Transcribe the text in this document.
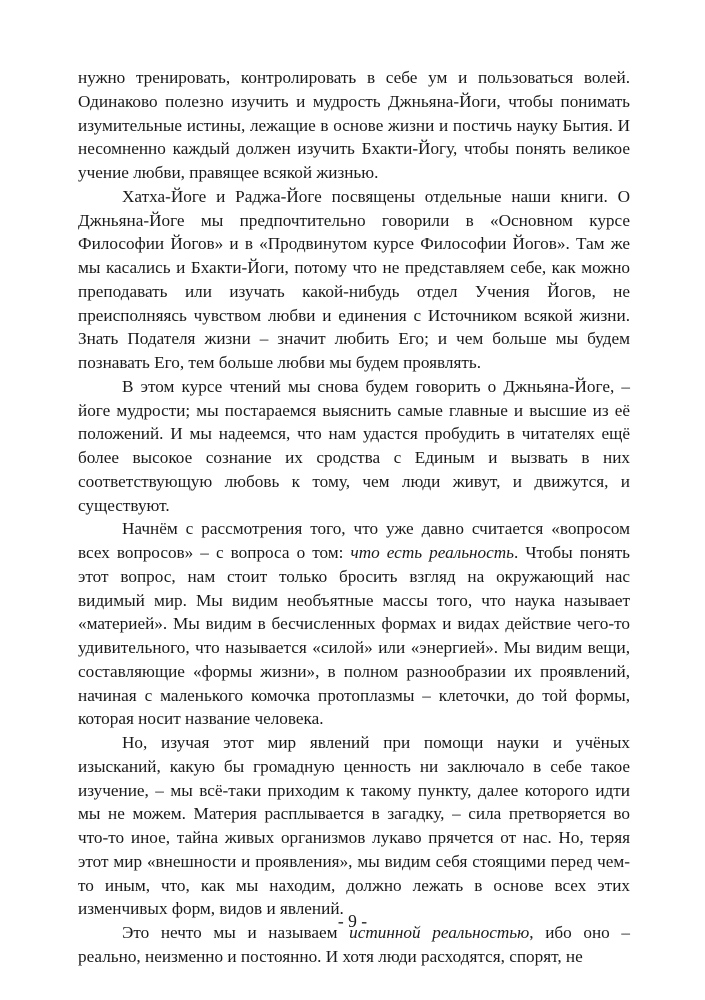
нужно тренировать, контролировать в себе ум и пользоваться волей. Одинаково полезно изучить и мудрость Джньяна-Йоги, чтобы понимать изумительные истины, лежащие в основе жизни и постичь науку Бытия. И несомненно каждый должен изучить Бхакти-Йогу, чтобы понять великое учение любви, правящее всякой жизнью.

Хатха-Йоге и Раджа-Йоге посвящены отдельные наши книги. О Джньяна-Йоге мы предпочтительно говорили в «Основном курсе Философии Йогов» и в «Продвинутом курсе Философии Йогов». Там же мы касались и Бхакти-Йоги, потому что не представляем себе, как можно преподавать или изучать какой-нибудь отдел Учения Йогов, не преисполняясь чувством любви и единения с Источником всякой жизни. Знать Подателя жизни – значит любить Его; и чем больше мы будем познавать Его, тем больше любви мы будем проявлять.

В этом курсе чтений мы снова будем говорить о Джньяна-Йоге, – йоге мудрости; мы постараемся выяснить самые главные и высшие из её положений. И мы надеемся, что нам удастся пробудить в читателях ещё более высокое сознание их сродства с Единым и вызвать в них соответствующую любовь к тому, чем люди живут, и движутся, и существуют.

Начнём с рассмотрения того, что уже давно считается «вопросом всех вопросов» – с вопроса о том: что есть реальность. Чтобы понять этот вопрос, нам стоит только бросить взгляд на окружающий нас видимый мир. Мы видим необъятные массы того, что наука называет «материей». Мы видим в бесчисленных формах и видах действие чего-то удивительного, что называется «силой» или «энергией». Мы видим вещи, составляющие «формы жизни», в полном разнообразии их проявлений, начиная с маленького комочка протоплазмы – клеточки, до той формы, которая носит название человека.

Но, изучая этот мир явлений при помощи науки и учёных изысканий, какую бы громадную ценность ни заключало в себе такое изучение, – мы всё-таки приходим к такому пункту, далее которого идти мы не можем. Материя расплывается в загадку, – сила претворяется во что-то иное, тайна живых организмов лукаво прячется от нас. Но, теряя этот мир «внешности и проявления», мы видим себя стоящими перед чем-то иным, что, как мы находим, должно лежать в основе всех этих изменчивых форм, видов и явлений.

Это нечто мы и называем истинной реальностью, ибо оно – реально, неизменно и постоянно. И хотя люди расходятся, спорят, не

- 9 -
